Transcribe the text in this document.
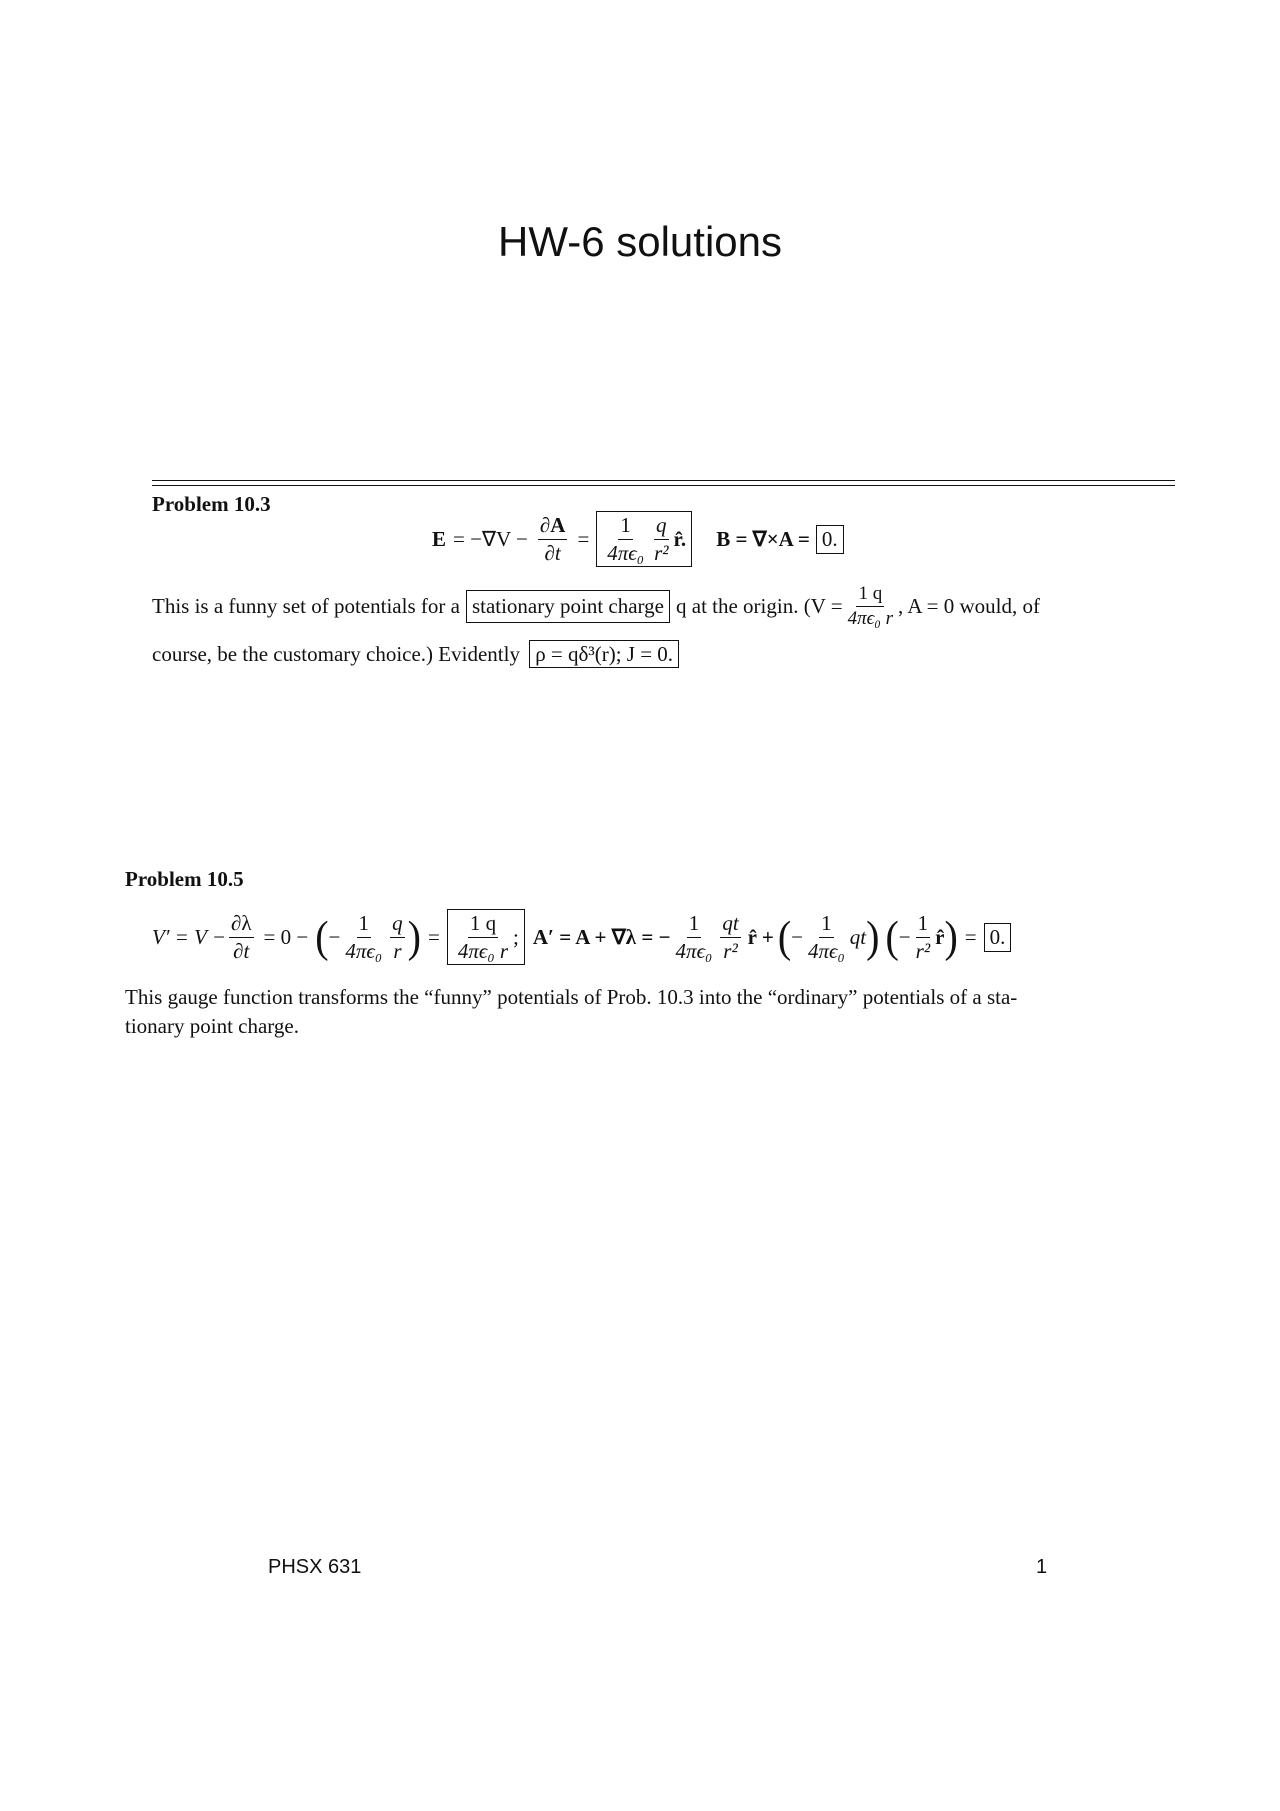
HW-6 solutions
Problem 10.3
$E = -\nabla V - \frac{\partial A}{\partial t} = \frac{1}{\text{4πϵ₀}} \frac{q}{\text{r²}}$ r̂. B = ∇×A = 0.
This is a funny set of potentials for a stationary point charge q at the origin. ($V = \frac{1 q}{\text{4πϵ₀ r}}$ , A = 0 would, of
course, be the customary choice.) Evidently ρ = qδ³(r); J = 0.
Problem 10.5
$V' = V - \frac{\partial\lambda}{\partial t} = 0$ − ( − $\frac{1}{\text{4πϵ₀}} \frac{q}{r}$ ) = $\frac{1 q}{\text{4πϵ₀ r}}$ ; A′ = A + ∇λ = − $\frac{1}{\text{4πϵ₀}} \frac{qt}{\text{r²}}$ r̂ + ( − $\frac{1}{\text{4πϵ₀}}$ qt ) ( − $\frac{1}{\text{r²}}$ r̂ ) = 0.
This gauge function transforms the “funny” potentials of Prob. 10.3 into the “ordinary” potentials of a sta-
tionary point charge.
PHSX 631	1
